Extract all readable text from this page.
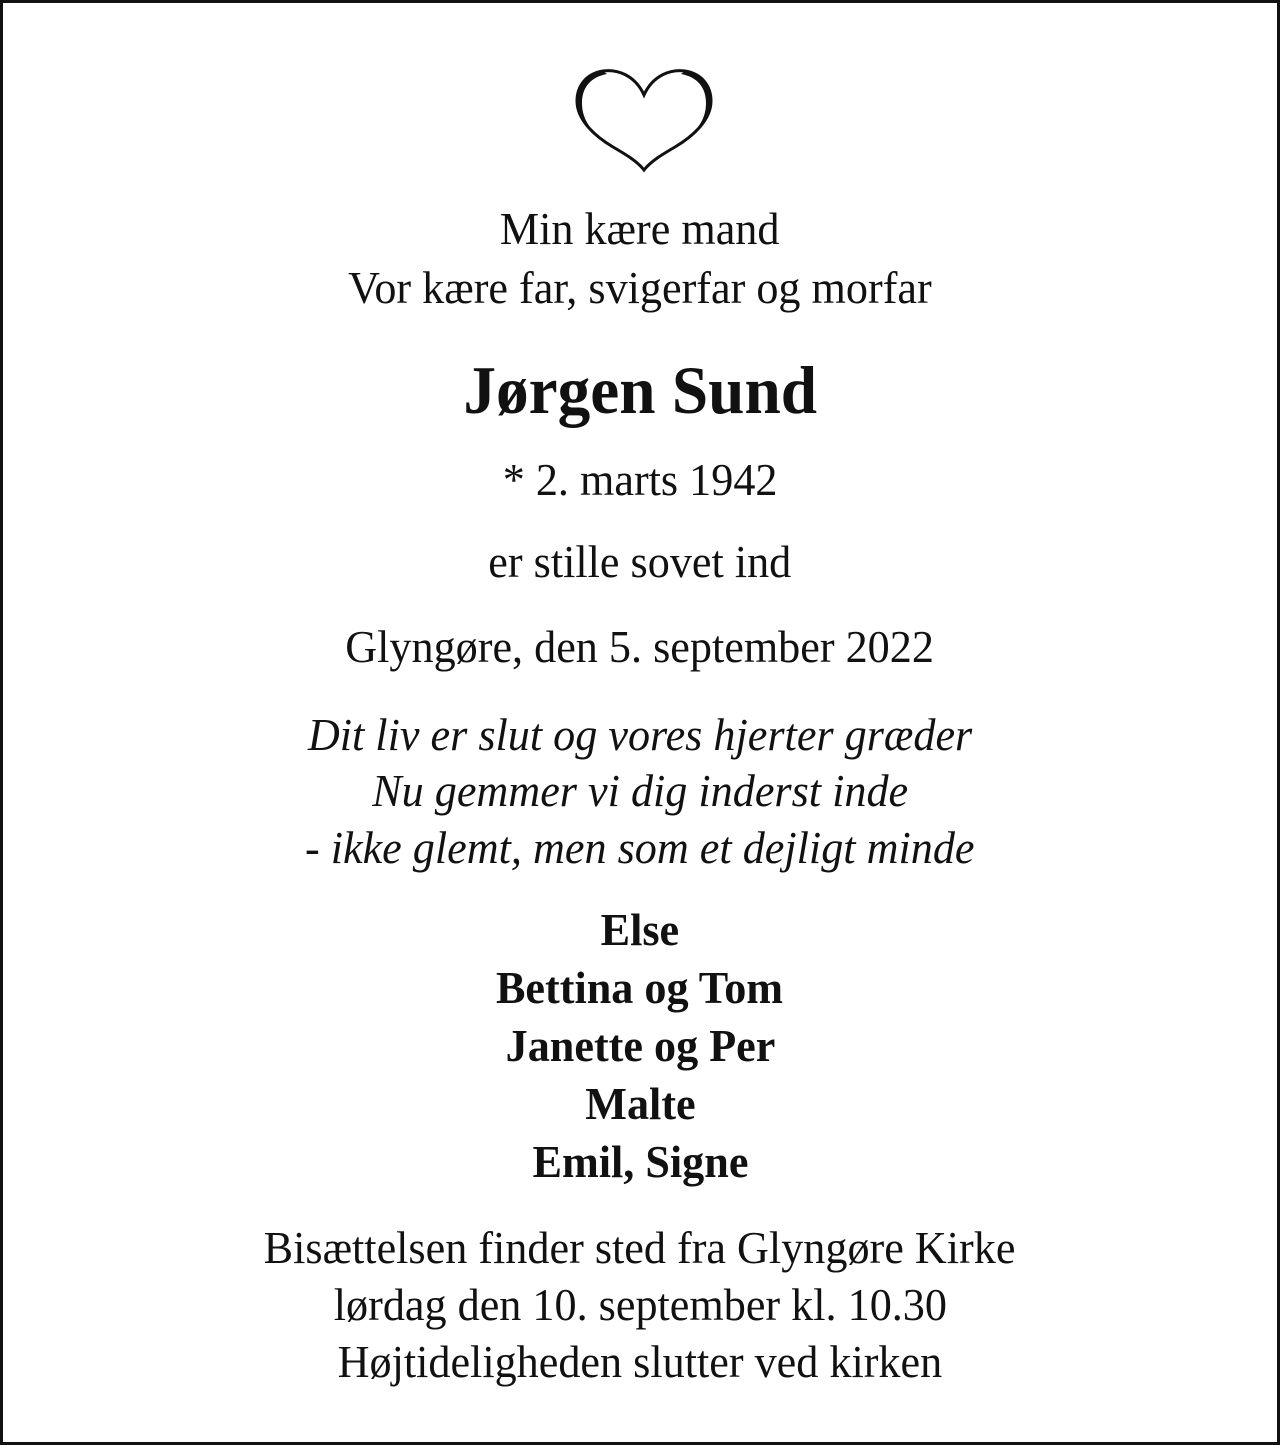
Min kære mand
Vor kære far, svigerfar og morfar
Jørgen Sund
* 2. marts 1942
er stille sovet ind
Glyngøre, den 5. september 2022
Dit liv er slut og vores hjerter græder
Nu gemmer vi dig inderst inde
- ikke glemt, men som et dejligt minde
Else
Bettina og Tom
Janette og Per
Malte
Emil, Signe
Bisættelsen finder sted fra Glyngøre Kirke
lørdag den 10. september kl. 10.30
Højtideligheden slutter ved kirken
